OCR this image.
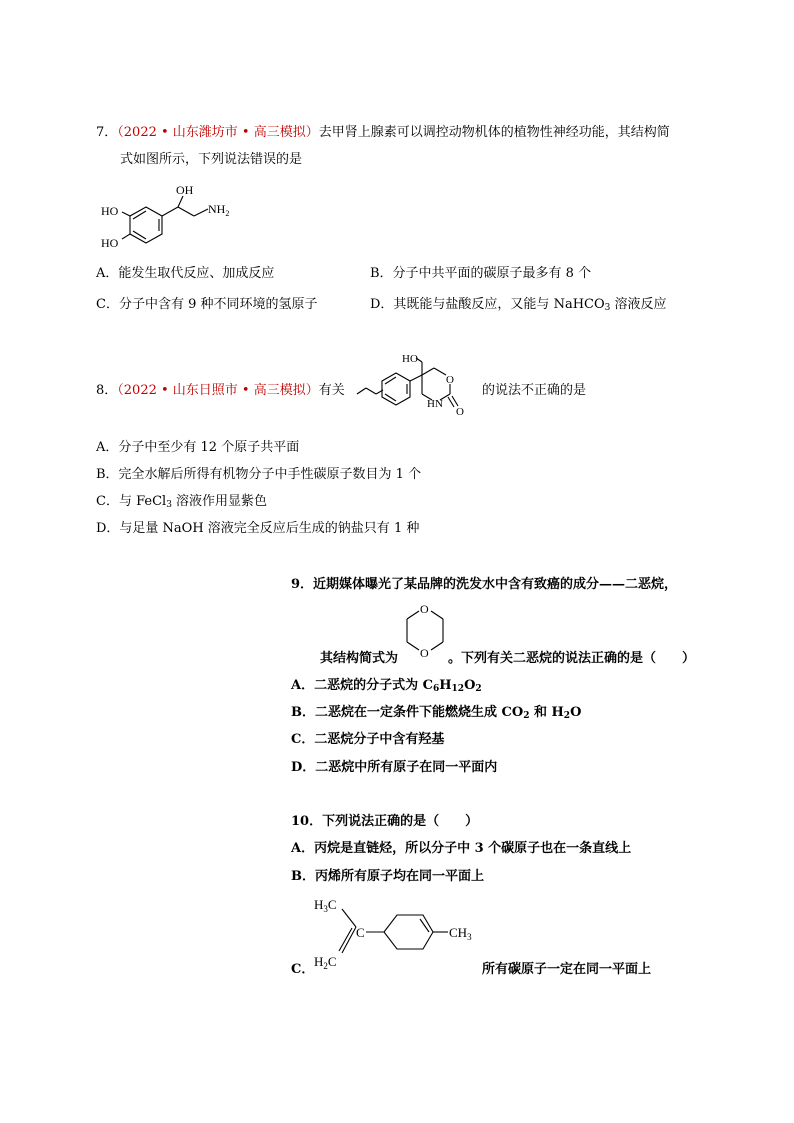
7．（2022 • 山东潍坊市 • 高三模拟）去甲肾上腺素可以调控动物机体的植物性神经功能，其结构简
式如图所示，下列说法错误的是
OH
HO
HO
$NH_2$
A．能发生取代反应、加成反应	B．分子中共平面的碳原子最多有 8 个
C．分子中含有 9 种不同环境的氢原子	D．其既能与盐酸反应，又能与 NaHCO$_3$ 溶液反应
8．（2022 • 山东日照市 • 高三模拟）有关
HO
O
HN
O
的说法不正确的是
A．分子中至少有 12 个原子共平面
B．完全水解后所得有机物分子中手性碳原子数目为 1 个
C．与 FeCl$_3$ 溶液作用显紫色
D．与足量 NaOH 溶液完全反应后生成的钠盐只有 1 种
9．近期媒体曝光了某品牌的洗发水中含有致癌的成分——二恶烷，
其结构简式为
O
O 。下列有关二恶烷的说法正确的是（　　）
A．二恶烷的分子式为 $C_6H_{12}O_2$
B．二恶烷在一定条件下能燃烧生成 $CO_2$ 和 $H_2O$
C．二恶烷分子中含有羟基
D．二恶烷中所有原子在同一平面内
10．下列说法正确的是（　　）
A．丙烷是直链烃，所以分子中 3 个碳原子也在一条直线上
B．丙烯所有原子均在同一平面上
$H_3C$
C
$H_2C$
$CH_3$
C．	所有碳原子一定在同一平面上
